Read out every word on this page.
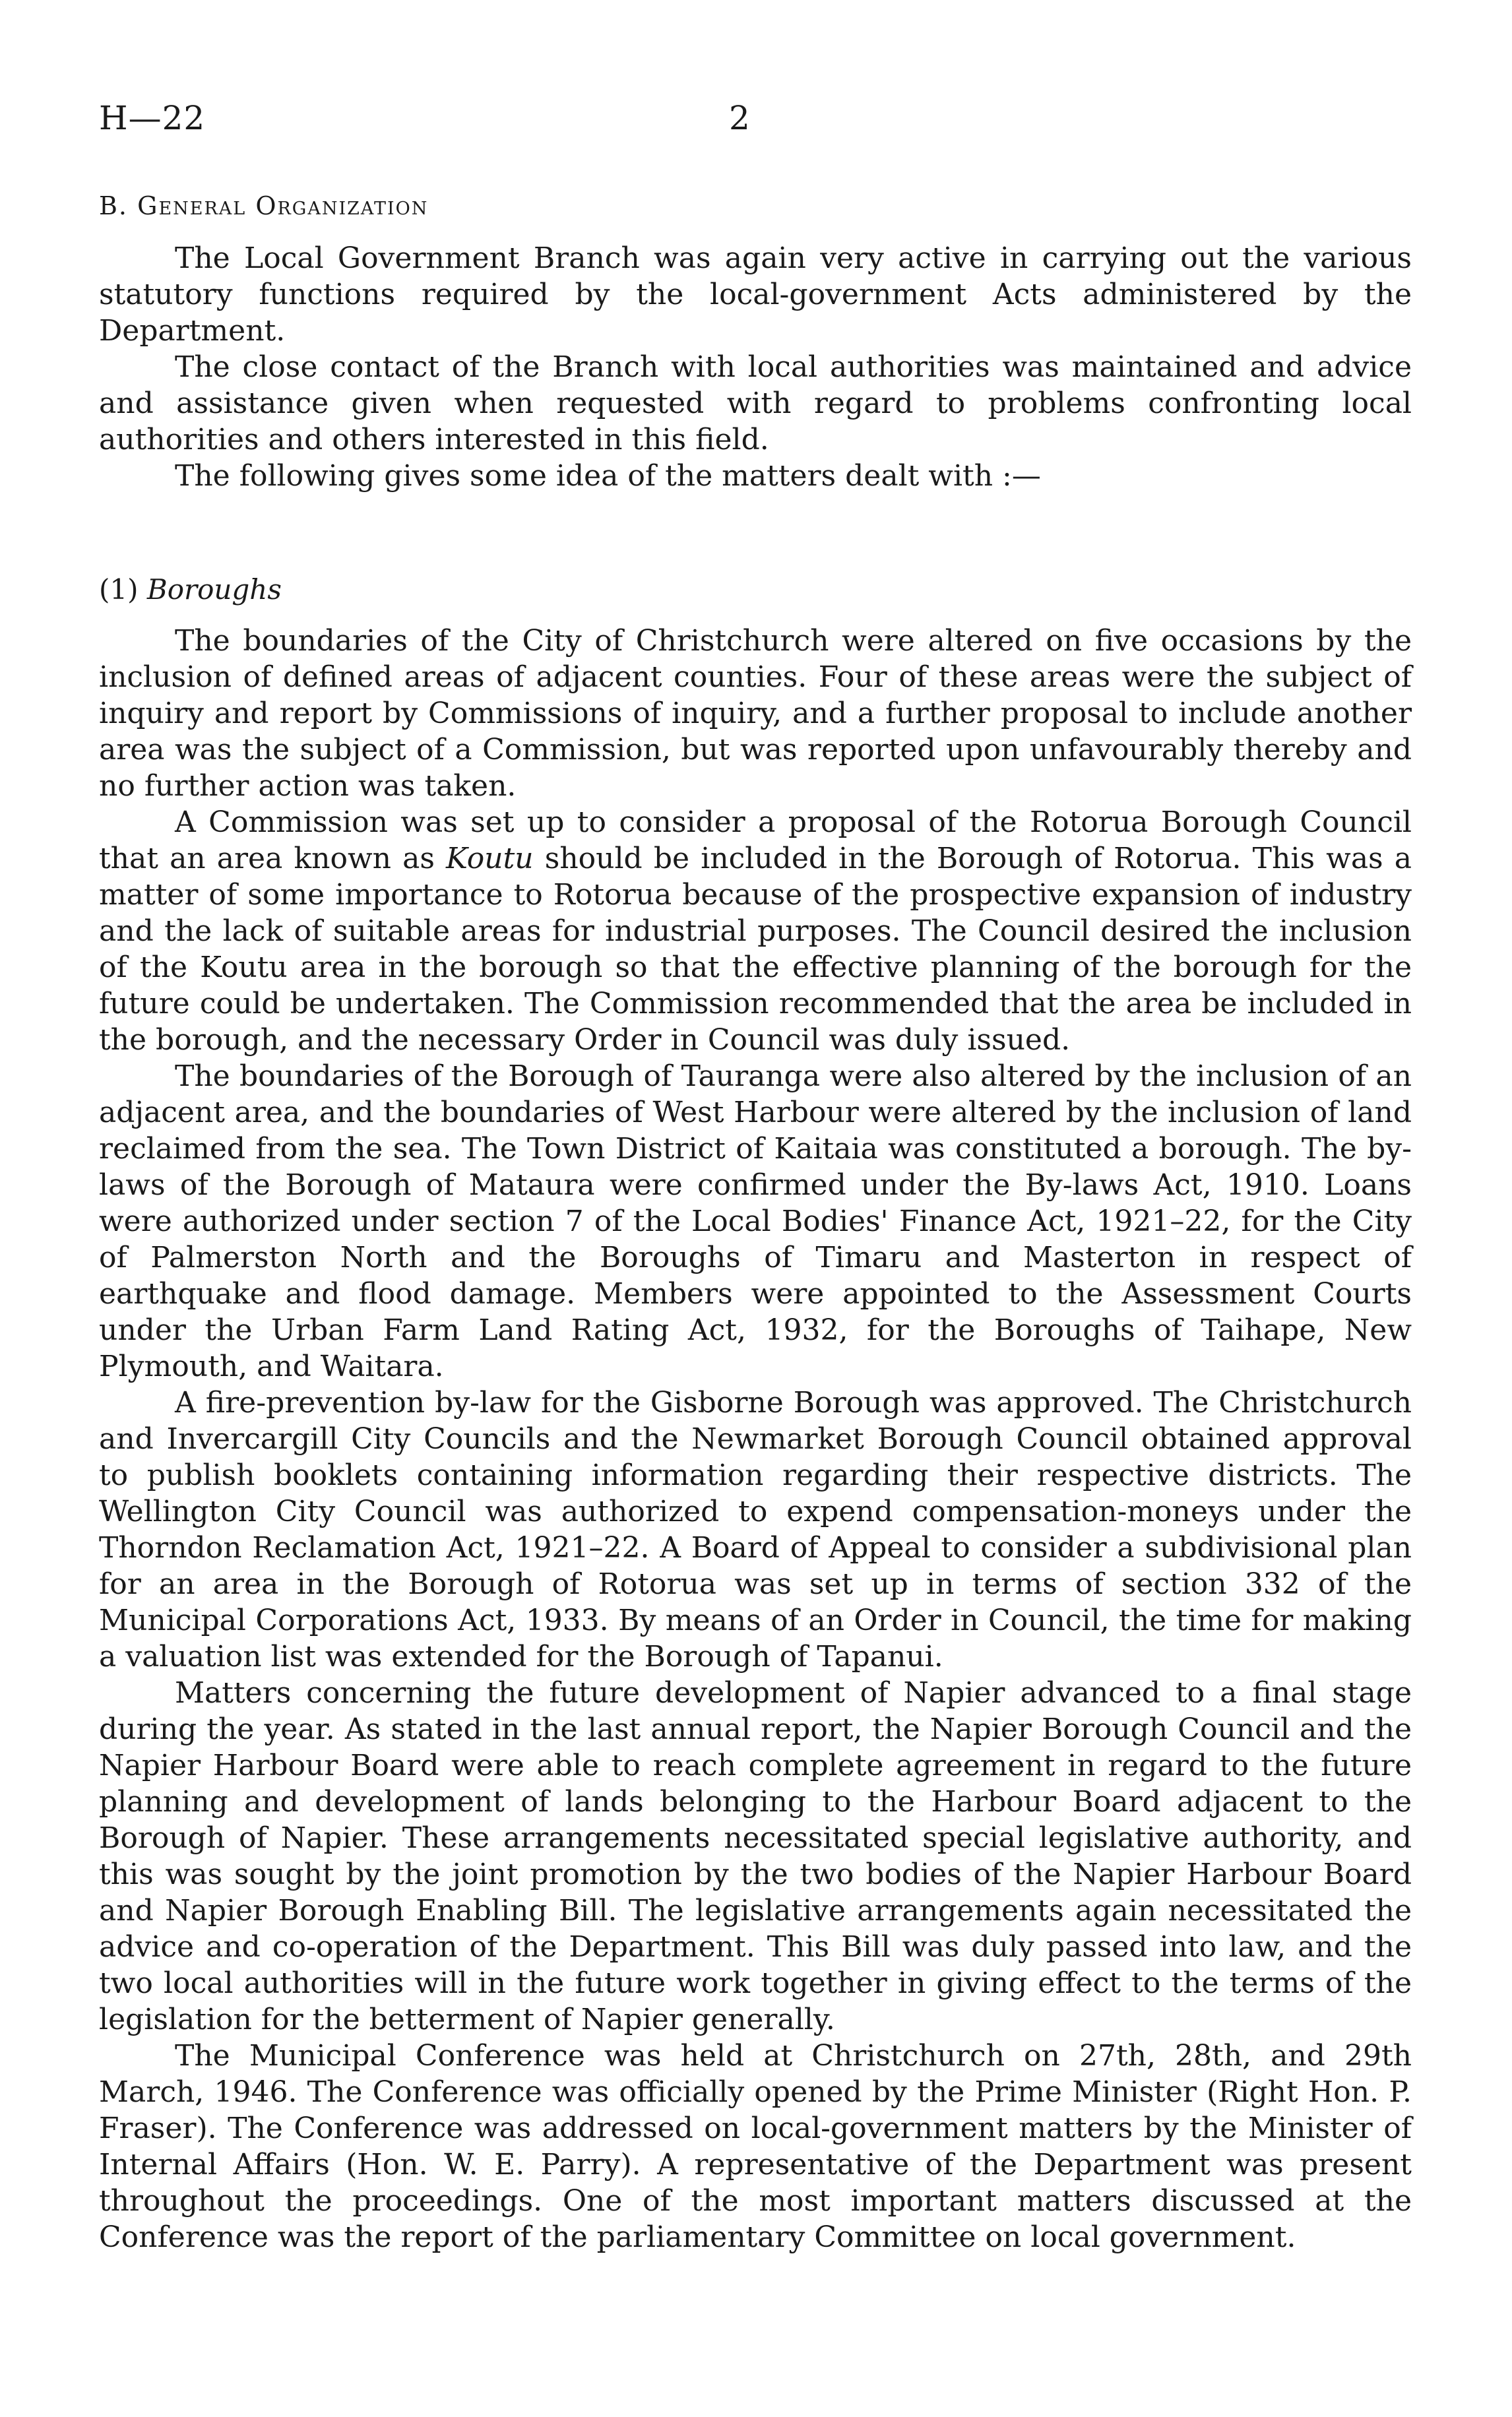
H—22	2
B. General Organization

The Local Government Branch was again very active in carrying out the various statutory functions required by the local-government Acts administered by the Department.

The close contact of the Branch with local authorities was maintained and advice and assistance given when requested with regard to problems confronting local authorities and others interested in this field.

The following gives some idea of the matters dealt with :—

(1) Boroughs

The boundaries of the City of Christchurch were altered on five occasions by the inclusion of defined areas of adjacent counties. Four of these areas were the subject of inquiry and report by Commissions of inquiry, and a further proposal to include another area was the subject of a Commission, but was reported upon unfavourably thereby and no further action was taken.

A Commission was set up to consider a proposal of the Rotorua Borough Council that an area known as Koutu should be included in the Borough of Rotorua. This was a matter of some importance to Rotorua because of the prospective expansion of industry and the lack of suitable areas for industrial purposes. The Council desired the inclusion of the Koutu area in the borough so that the effective planning of the borough for the future could be undertaken. The Commission recommended that the area be included in the borough, and the necessary Order in Council was duly issued.

The boundaries of the Borough of Tauranga were also altered by the inclusion of an adjacent area, and the boundaries of West Harbour were altered by the inclusion of land reclaimed from the sea. The Town District of Kaitaia was constituted a borough. The by-laws of the Borough of Mataura were confirmed under the By-laws Act, 1910. Loans were authorized under section 7 of the Local Bodies' Finance Act, 1921–22, for the City of Palmerston North and the Boroughs of Timaru and Masterton in respect of earthquake and flood damage. Members were appointed to the Assessment Courts under the Urban Farm Land Rating Act, 1932, for the Boroughs of Taihape, New Plymouth, and Waitara.

A fire-prevention by-law for the Gisborne Borough was approved. The Christchurch and Invercargill City Councils and the Newmarket Borough Council obtained approval to publish booklets containing information regarding their respective districts. The Wellington City Council was authorized to expend compensation-moneys under the Thorndon Reclamation Act, 1921–22. A Board of Appeal to consider a subdivisional plan for an area in the Borough of Rotorua was set up in terms of section 332 of the Municipal Corporations Act, 1933. By means of an Order in Council, the time for making a valuation list was extended for the Borough of Tapanui.

Matters concerning the future development of Napier advanced to a final stage during the year. As stated in the last annual report, the Napier Borough Council and the Napier Harbour Board were able to reach complete agreement in regard to the future planning and development of lands belonging to the Harbour Board adjacent to the Borough of Napier. These arrangements necessitated special legislative authority, and this was sought by the joint promotion by the two bodies of the Napier Harbour Board and Napier Borough Enabling Bill. The legislative arrangements again necessitated the advice and co-operation of the Department. This Bill was duly passed into law, and the two local authorities will in the future work together in giving effect to the terms of the legislation for the betterment of Napier generally.

The Municipal Conference was held at Christchurch on 27th, 28th, and 29th March, 1946. The Conference was officially opened by the Prime Minister (Right Hon. P. Fraser). The Conference was addressed on local-government matters by the Minister of Internal Affairs (Hon. W. E. Parry). A representative of the Department was present throughout the proceedings. One of the most important matters discussed at the Conference was the report of the parliamentary Committee on local government.
